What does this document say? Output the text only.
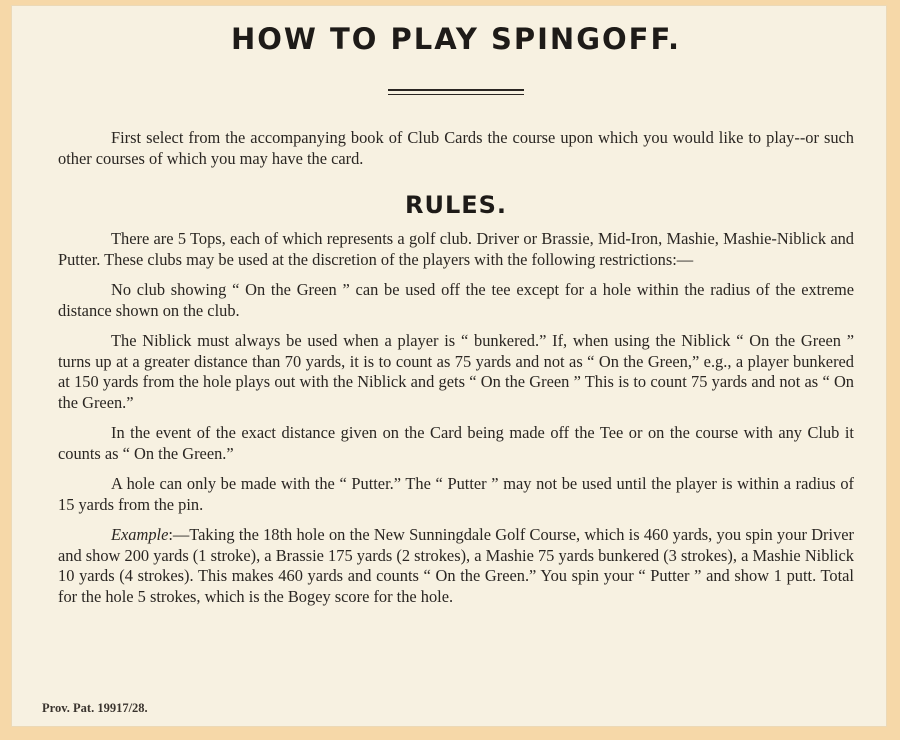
HOW TO PLAY SPINGOFF.

First select from the accompanying book of Club Cards the course upon which you would like to play--or such other courses of which you may have the card.

RULES.

There are 5 Tops, each of which represents a golf club. Driver or Brassie, Mid-Iron, Mashie, Mashie-Niblick and Putter. These clubs may be used at the discretion of the players with the following restrictions:—

No club showing “ On the Green ” can be used off the tee except for a hole within the radius of the extreme distance shown on the club.

The Niblick must always be used when a player is “ bunkered.” If, when using the Niblick “ On the Green ” turns up at a greater distance than 70 yards, it is to count as 75 yards and not as “ On the Green,” e.g., a player bunkered at 150 yards from the hole plays out with the Niblick and gets “ On the Green ” This is to count 75 yards and not as “ On the Green.”

In the event of the exact distance given on the Card being made off the Tee or on the course with any Club it counts as “ On the Green.”

A hole can only be made with the “ Putter.” The “ Putter ” may not be used until the player is within a radius of 15 yards from the pin.

Example:—Taking the 18th hole on the New Sunningdale Golf Course, which is 460 yards, you spin your Driver and show 200 yards (1 stroke), a Brassie 175 yards (2 strokes), a Mashie 75 yards bunkered (3 strokes), a Mashie Niblick 10 yards (4 strokes). This makes 460 yards and counts “ On the Green.” You spin your “ Putter ” and show 1 putt. Total for the hole 5 strokes, which is the Bogey score for the hole.

Prov. Pat. 19917/28.
